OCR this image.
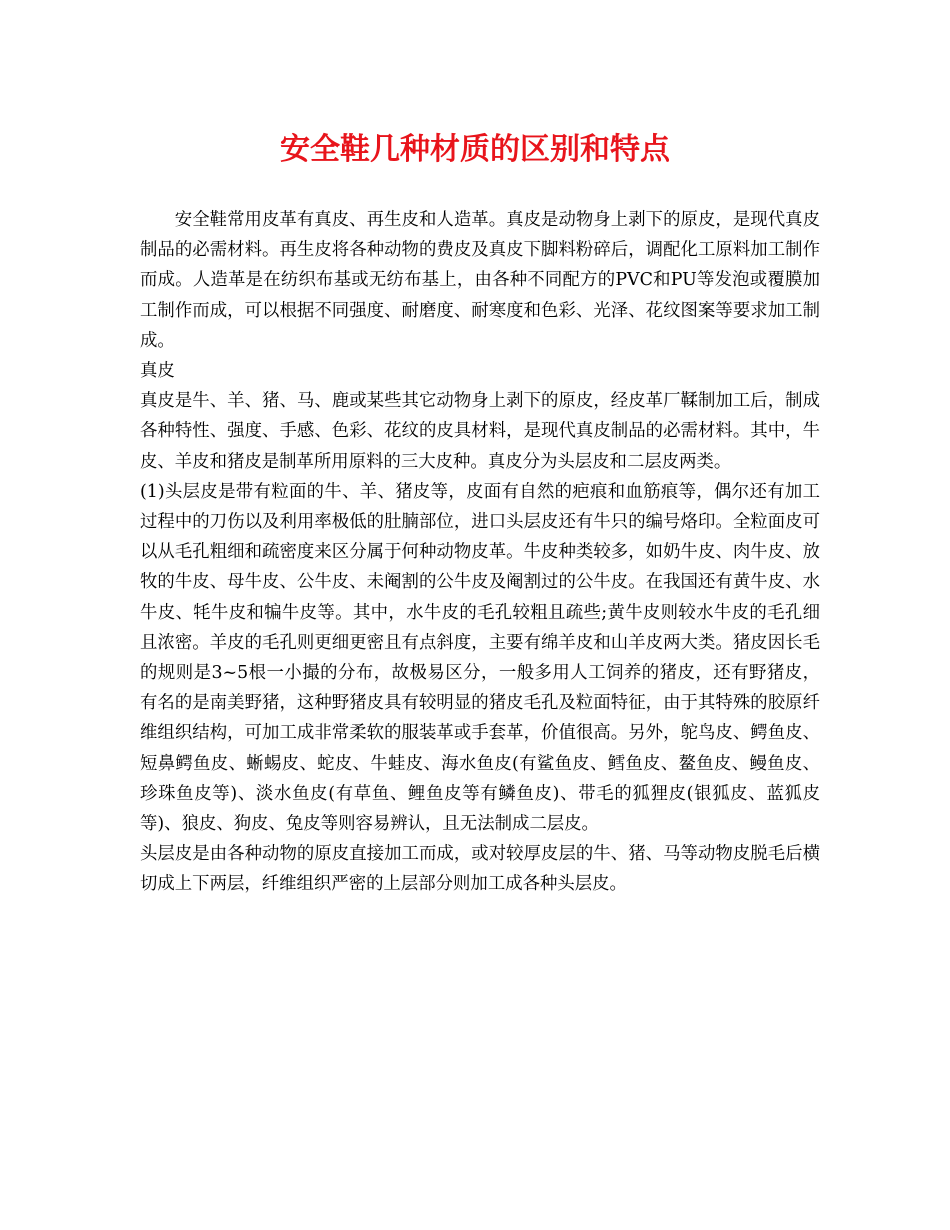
安全鞋几种材质的区别和特点

安全鞋常用皮革有真皮、再生皮和人造革。真皮是动物身上剥下的原皮，是现代真皮制品的必需材料。再生皮将各种动物的费皮及真皮下脚料粉碎后，调配化工原料加工制作而成。人造革是在纺织布基或无纺布基上，由各种不同配方的PVC和PU等发泡或覆膜加工制作而成，可以根据不同强度、耐磨度、耐寒度和色彩、光泽、花纹图案等要求加工制成。

真皮

真皮是牛、羊、猪、马、鹿或某些其它动物身上剥下的原皮，经皮革厂鞣制加工后，制成各种特性、强度、手感、色彩、花纹的皮具材料，是现代真皮制品的必需材料。其中，牛皮、羊皮和猪皮是制革所用原料的三大皮种。真皮分为头层皮和二层皮两类。

(1)头层皮是带有粒面的牛、羊、猪皮等，皮面有自然的疤痕和血筋痕等，偶尔还有加工过程中的刀伤以及利用率极低的肚腩部位，进口头层皮还有牛只的编号烙印。全粒面皮可以从毛孔粗细和疏密度来区分属于何种动物皮革。牛皮种类较多，如奶牛皮、肉牛皮、放牧的牛皮、母牛皮、公牛皮、未阉割的公牛皮及阉割过的公牛皮。在我国还有黄牛皮、水牛皮、牦牛皮和犏牛皮等。其中，水牛皮的毛孔较粗且疏些;黄牛皮则较水牛皮的毛孔细且浓密。羊皮的毛孔则更细更密且有点斜度，主要有绵羊皮和山羊皮两大类。猪皮因长毛的规则是3~5根一小撮的分布，故极易区分，一般多用人工饲养的猪皮，还有野猪皮，有名的是南美野猪，这种野猪皮具有较明显的猪皮毛孔及粒面特征，由于其特殊的胶原纤维组织结构，可加工成非常柔软的服装革或手套革，价值很高。另外，鸵鸟皮、鳄鱼皮、短鼻鳄鱼皮、蜥蜴皮、蛇皮、牛蛙皮、海水鱼皮(有鲨鱼皮、鳕鱼皮、鳌鱼皮、鳗鱼皮、珍珠鱼皮等)、淡水鱼皮(有草鱼、鲤鱼皮等有鳞鱼皮)、带毛的狐狸皮(银狐皮、蓝狐皮等)、狼皮、狗皮、兔皮等则容易辨认，且无法制成二层皮。

头层皮是由各种动物的原皮直接加工而成，或对较厚皮层的牛、猪、马等动物皮脱毛后横切成上下两层，纤维组织严密的上层部分则加工成各种头层皮。
